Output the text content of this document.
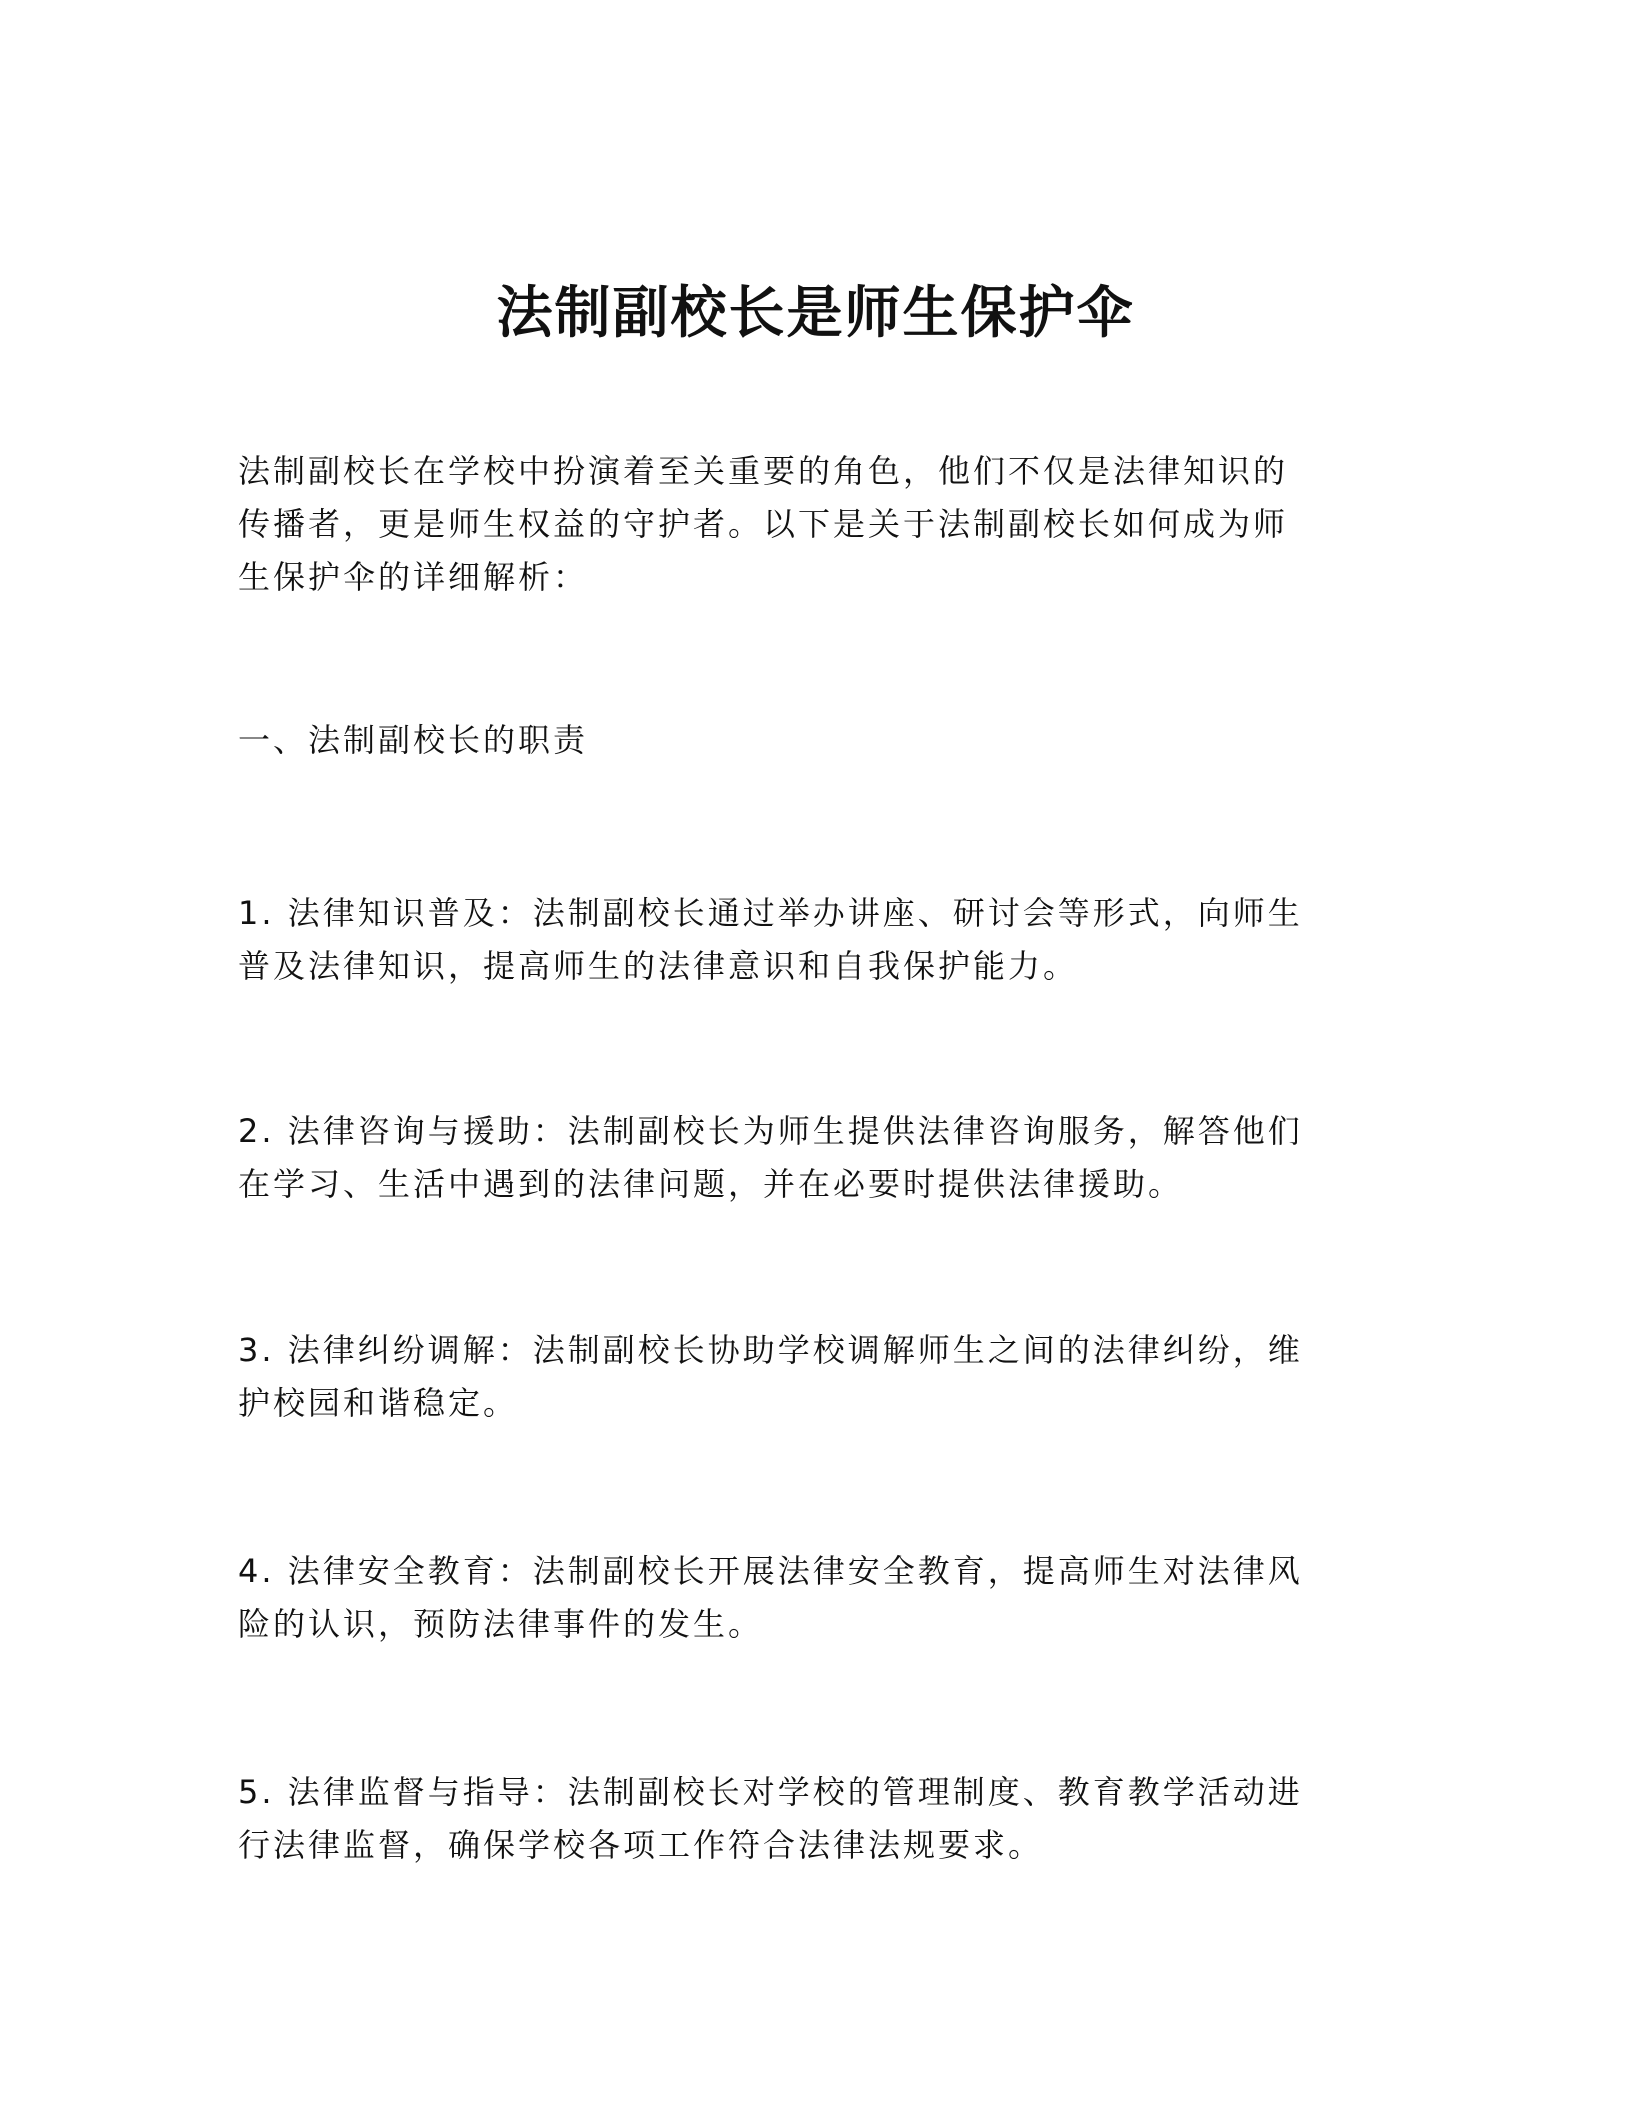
法制副校长是师生保护伞
法制副校长在学校中扮演着至关重要的角色，他们不仅是法律知识的
传播者，更是师生权益的守护者。以下是关于法制副校长如何成为师
生保护伞的详细解析：
一、法制副校长的职责
1. 法律知识普及：法制副校长通过举办讲座、研讨会等形式，向师生
普及法律知识，提高师生的法律意识和自我保护能力。
2. 法律咨询与援助：法制副校长为师生提供法律咨询服务，解答他们
在学习、生活中遇到的法律问题，并在必要时提供法律援助。
3. 法律纠纷调解：法制副校长协助学校调解师生之间的法律纠纷，维
护校园和谐稳定。
4. 法律安全教育：法制副校长开展法律安全教育，提高师生对法律风
险的认识，预防法律事件的发生。
5. 法律监督与指导：法制副校长对学校的管理制度、教育教学活动进
行法律监督，确保学校各项工作符合法律法规要求。
